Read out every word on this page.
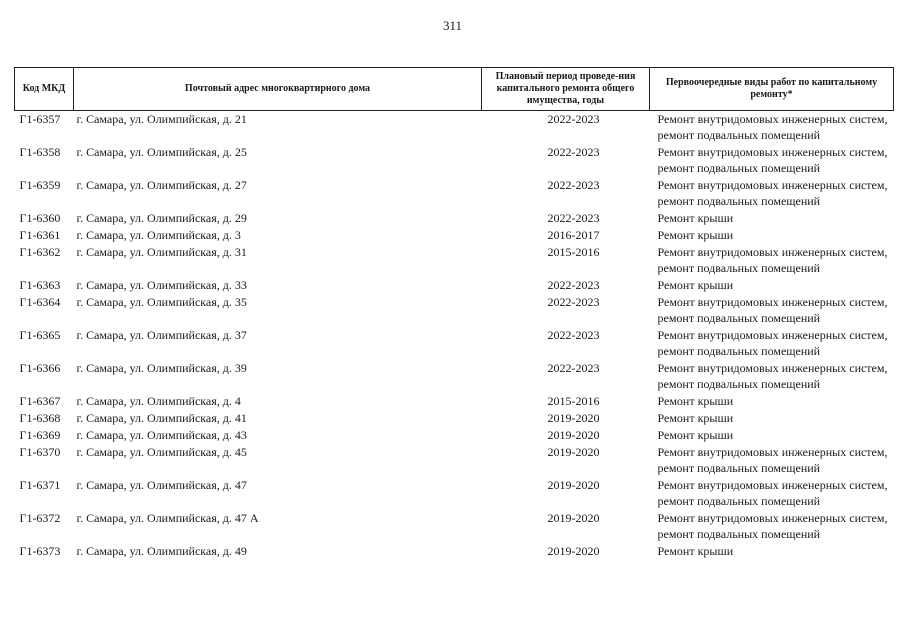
311
Код МКД	Почтовый адрес многоквартирного дома	Плановый период проведе-ния капитального ремонта общего имущества, годы	Первоочередные виды работ по капитальному ремонту*
Г1-6357	г. Самара, ул. Олимпийская, д. 21	2022-2023	Ремонт внутридомовых инженерных систем,
ремонт подвальных помещений

Г1-6358	г. Самара, ул. Олимпийская, д. 25	2022-2023	Ремонт внутридомовых инженерных систем,
ремонт подвальных помещений

Г1-6359	г. Самара, ул. Олимпийская, д. 27	2022-2023	Ремонт внутридомовых инженерных систем,
ремонт подвальных помещений

Г1-6360	г. Самара, ул. Олимпийская, д. 29	2022-2023	Ремонт крыши

Г1-6361	г. Самара, ул. Олимпийская, д. 3	2016-2017	Ремонт крыши

Г1-6362	г. Самара, ул. Олимпийская, д. 31	2015-2016	Ремонт внутридомовых инженерных систем,
ремонт подвальных помещений

Г1-6363	г. Самара, ул. Олимпийская, д. 33	2022-2023	Ремонт крыши

Г1-6364	г. Самара, ул. Олимпийская, д. 35	2022-2023	Ремонт внутридомовых инженерных систем,
ремонт подвальных помещений

Г1-6365	г. Самара, ул. Олимпийская, д. 37	2022-2023	Ремонт внутридомовых инженерных систем,
ремонт подвальных помещений

Г1-6366	г. Самара, ул. Олимпийская, д. 39	2022-2023	Ремонт внутридомовых инженерных систем,
ремонт подвальных помещений

Г1-6367	г. Самара, ул. Олимпийская, д. 4	2015-2016	Ремонт крыши

Г1-6368	г. Самара, ул. Олимпийская, д. 41	2019-2020	Ремонт крыши

Г1-6369	г. Самара, ул. Олимпийская, д. 43	2019-2020	Ремонт крыши

Г1-6370	г. Самара, ул. Олимпийская, д. 45	2019-2020	Ремонт внутридомовых инженерных систем,
ремонт подвальных помещений

Г1-6371	г. Самара, ул. Олимпийская, д. 47	2019-2020	Ремонт внутридомовых инженерных систем,
ремонт подвальных помещений

Г1-6372	г. Самара, ул. Олимпийская, д. 47 А	2019-2020	Ремонт внутридомовых инженерных систем,
ремонт подвальных помещений

Г1-6373	г. Самара, ул. Олимпийская, д. 49	2019-2020	Ремонт крыши
